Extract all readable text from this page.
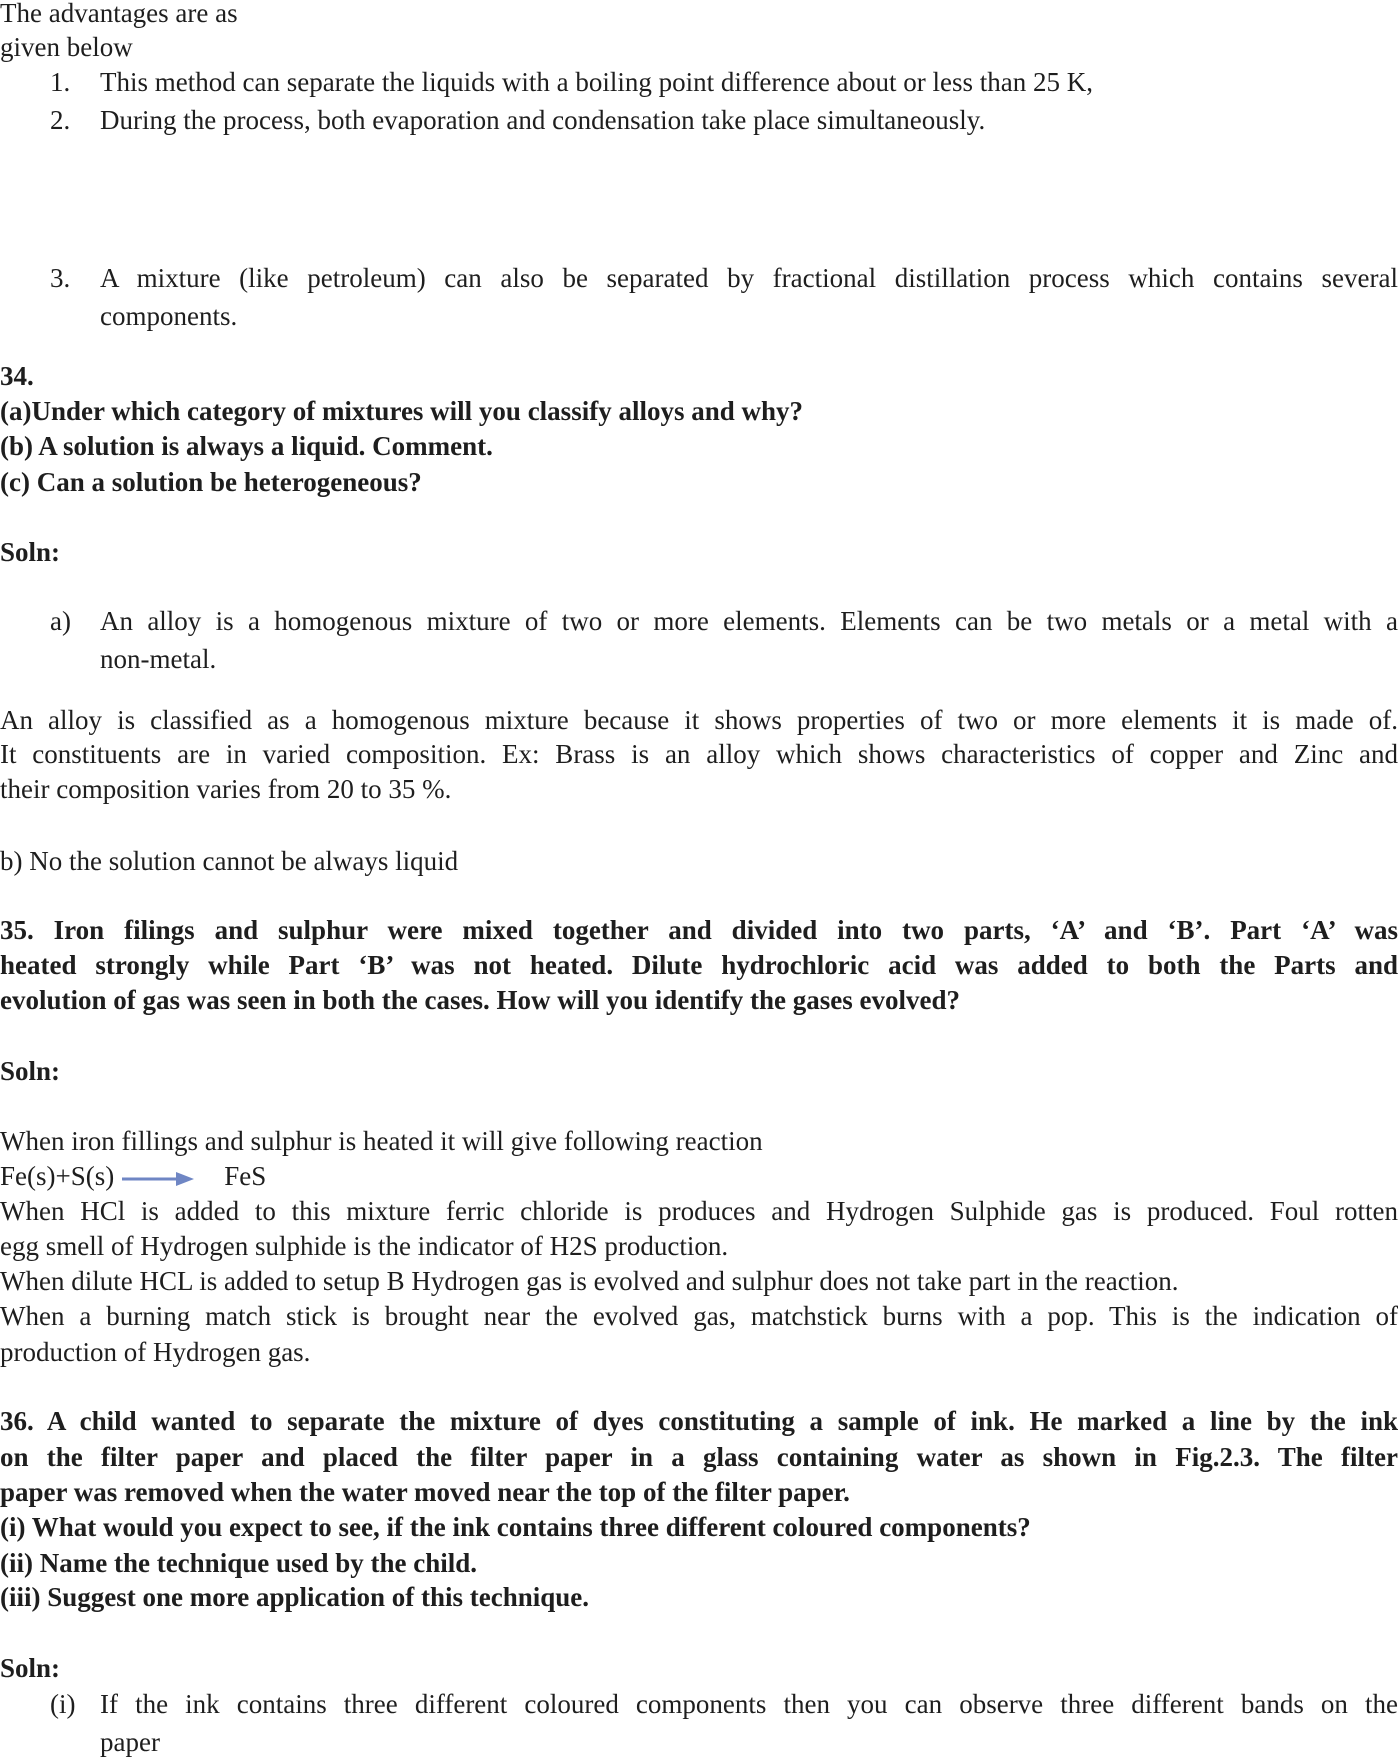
The advantages are as
given below
1. This method can separate the liquids with a boiling point difference about or less than 25 K,
2. During the process, both evaporation and condensation take place simultaneously.
3. A mixture (like petroleum) can also be separated by fractional distillation process which contains several
components.
34.
(a)Under which category of mixtures will you classify alloys and why?
(b) A solution is always a liquid. Comment.
(c) Can a solution be heterogeneous?
Soln:
a) An alloy is a homogenous mixture of two or more elements. Elements can be two metals or a metal with a
non-metal.
An alloy is classified as a homogenous mixture because it shows properties of two or more elements it is made of.
It constituents are in varied composition. Ex: Brass is an alloy which shows characteristics of copper and Zinc and
their composition varies from 20 to 35 %.
b) No the solution cannot be always liquid
35. Iron filings and sulphur were mixed together and divided into two parts, ‘A’ and ‘B’. Part ‘A’ was
heated strongly while Part ‘B’ was not heated. Dilute hydrochloric acid was added to both the Parts and
evolution of gas was seen in both the cases. How will you identify the gases evolved?
Soln:
When iron fillings and sulphur is heated it will give following reaction
Fe(s)+S(s)	FeS
When HCl is added to this mixture ferric chloride is produces and Hydrogen Sulphide gas is produced. Foul rotten
egg smell of Hydrogen sulphide is the indicator of H2S production.
When dilute HCL is added to setup B Hydrogen gas is evolved and sulphur does not take part in the reaction.
When a burning match stick is brought near the evolved gas, matchstick burns with a pop. This is the indication of
production of Hydrogen gas.
36. A child wanted to separate the mixture of dyes constituting a sample of ink. He marked a line by the ink
on the filter paper and placed the filter paper in a glass containing water as shown in Fig.2.3. The filter
paper was removed when the water moved near the top of the filter paper.
(i) What would you expect to see, if the ink contains three different coloured components?
(ii) Name the technique used by the child.
(iii) Suggest one more application of this technique.
Soln:
(i) If the ink contains three different coloured components then you can observe three different bands on the
paper
